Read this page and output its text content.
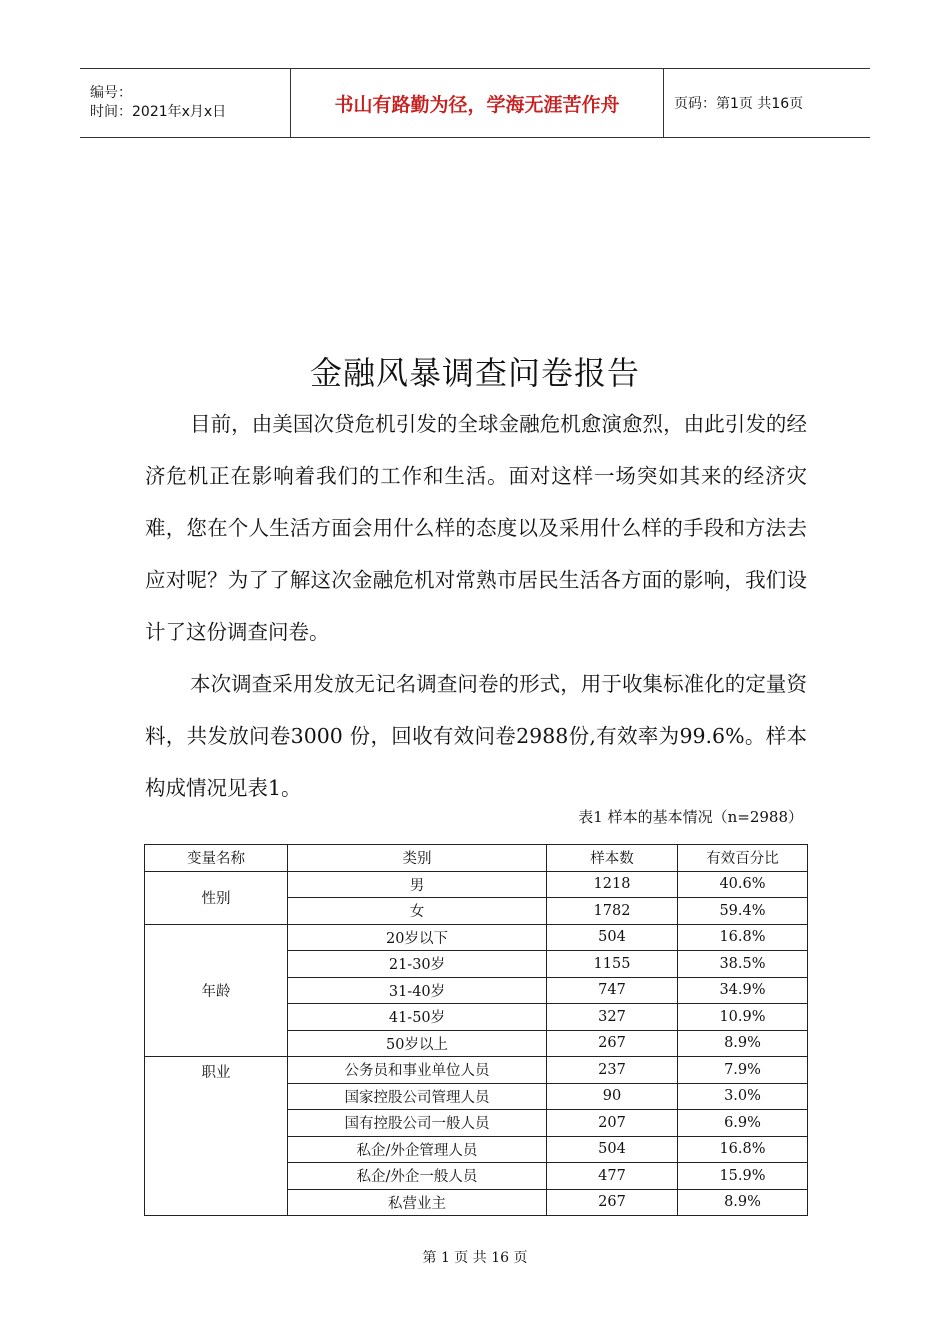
编号：
时间：2021年x月x日	书山有路勤为径，学海无涯苦作舟	页码：第1页 共16页
金融风暴调查问卷报告

目前，由美国次贷危机引发的全球金融危机愈演愈烈，由此引发的经济危机正在影响着我们的工作和生活。面对这样一场突如其来的经济灾难，您在个人生活方面会用什么样的态度以及采用什么样的手段和方法去应对呢？为了了解这次金融危机对常熟市居民生活各方面的影响，我们设计了这份调查问卷。

本次调查采用发放无记名调查问卷的形式，用于收集标准化的定量资料，共发放问卷3000 份，回收有效问卷2988份,有效率为99.6%。样本构成情况见表1。

表1 样本的基本情况（n=2988）
变量名称	类别	样本数	有效百分比
性别	男	1218	40.6%
	女	1782	59.4%
年龄	20岁以下	504	16.8%
	21-30岁	1155	38.5%
	31-40岁	747	34.9%
	41-50岁	327	10.9%
	50岁以上	267	8.9%
职业	公务员和事业单位人员	237	7.9%
	国家控股公司管理人员	90	3.0%
	国有控股公司一般人员	207	6.9%
	私企/外企管理人员	504	16.8%
	私企/外企一般人员	477	15.9%
	私营业主	267	8.9%
第 1 页 共 16 页
